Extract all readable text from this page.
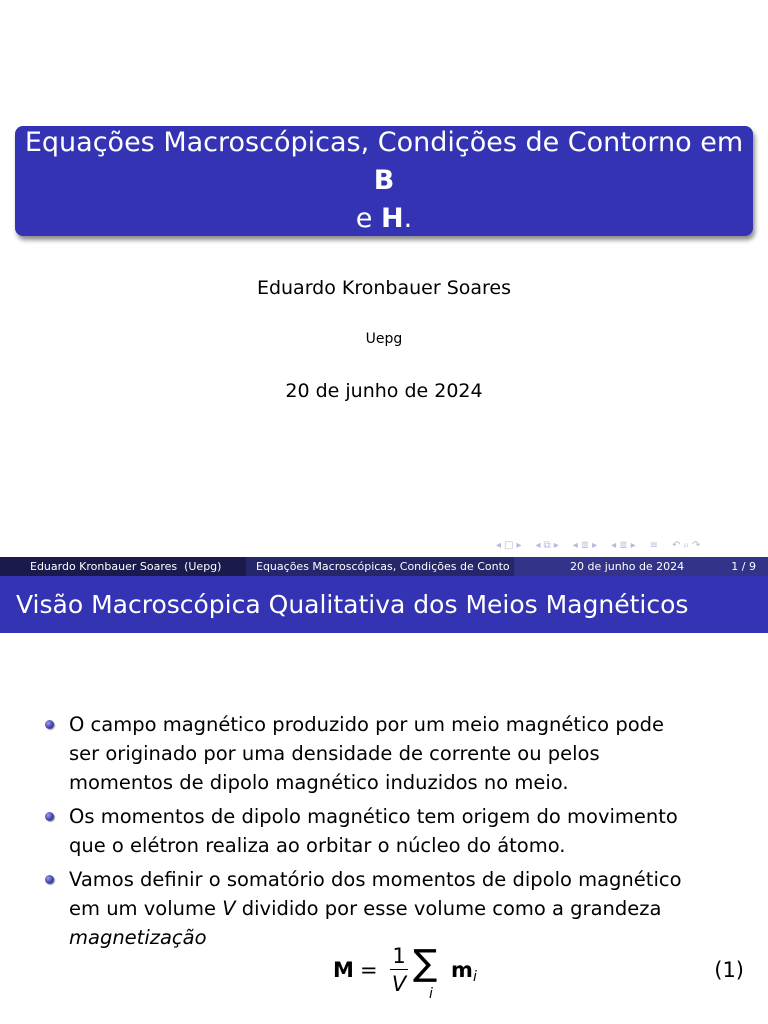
Equações Macroscópicas, Condições de Contorno em B
e H.
Eduardo Kronbauer Soares
Uepg
20 de junho de 2024
◂ □ ▸ ◂ ⧉ ▸ ◂ ≣ ▸ ◂ ≣ ▸ ≡ ↶ ⌕ ↷
Eduardo Kronbauer Soares  (Uepg)	Equações Macroscópicas, Condições de Conto	20 de junho de 2024	1 / 9
Visão Macroscópica Qualitativa dos Meios Magnéticos
O campo magnético produzido por um meio magnético pode ser originado por uma densidade de corrente ou pelos momentos de dipolo magnético induzidos no meio.
Os momentos de dipolo magnético tem origem do movimento que o elétron realiza ao orbitar o núcleo do átomo.
Vamos definir o somatório dos momentos de dipolo magnético em um volume V dividido por esse volume como a grandeza magnetização
M =
1
V ∑
i
m i	(1)
